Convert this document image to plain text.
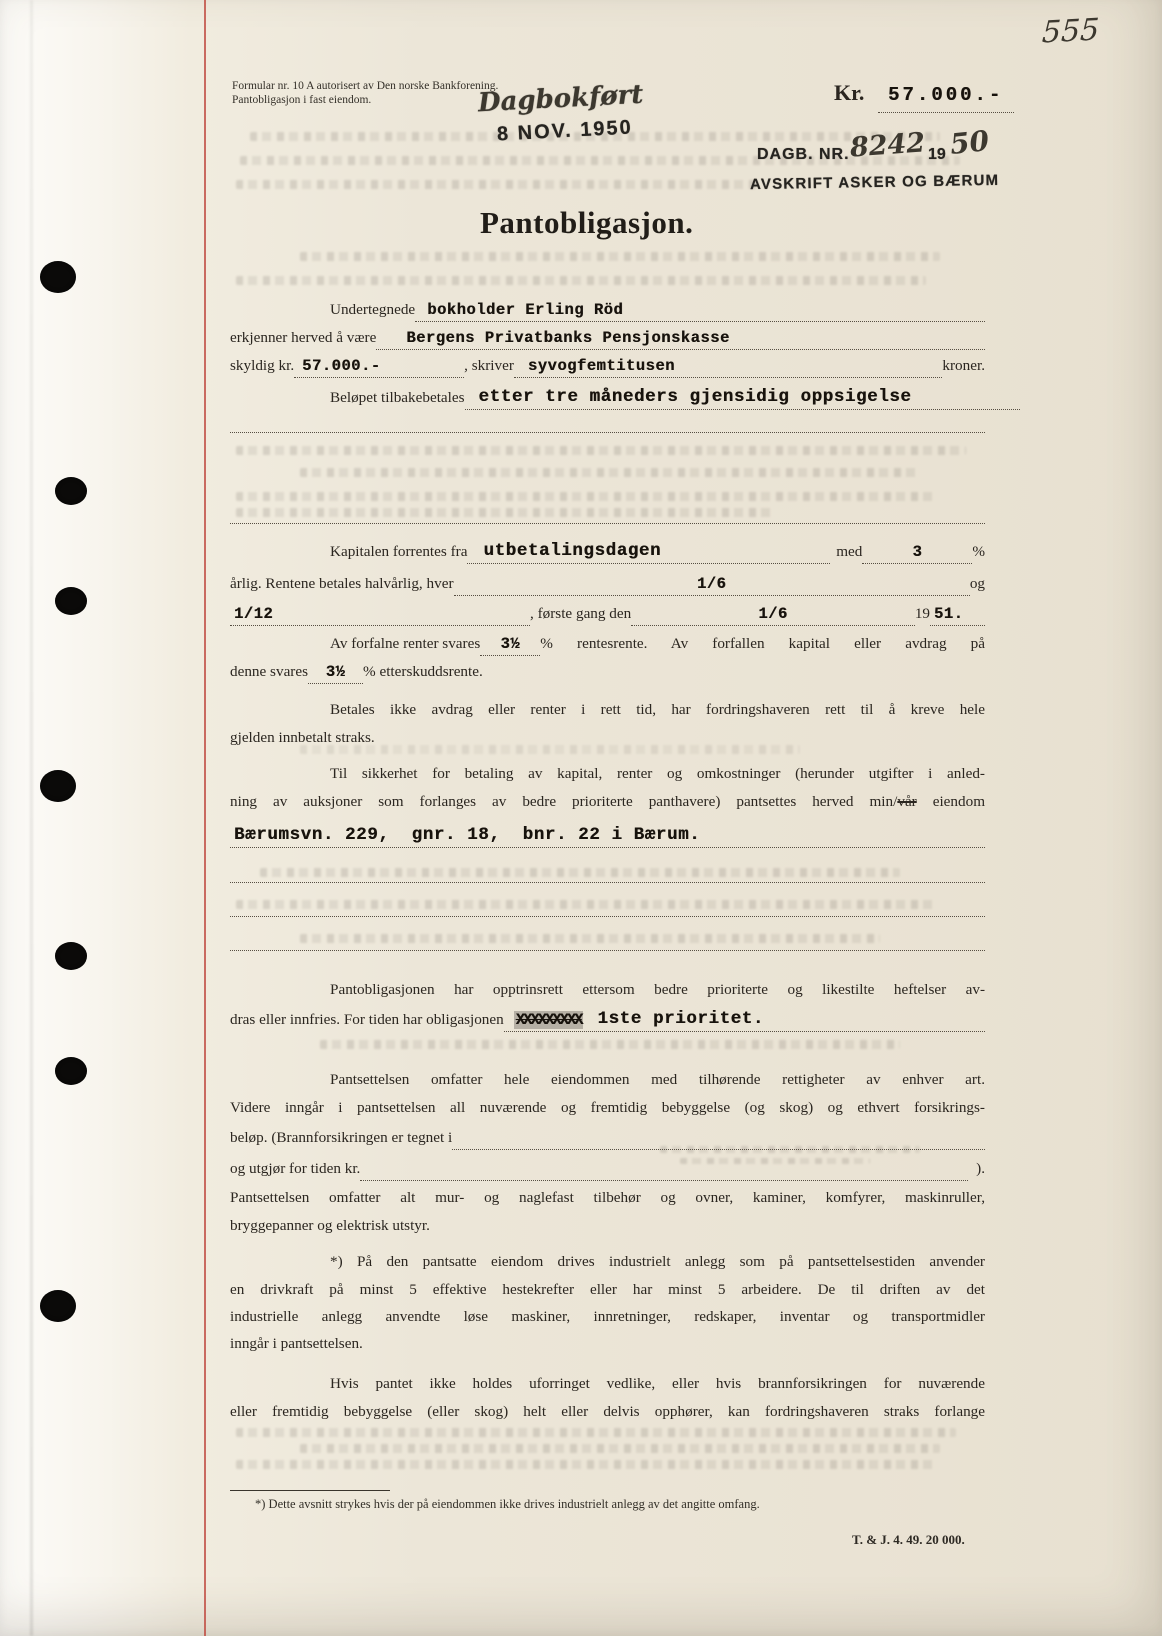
555
Formular nr. 10 A autorisert av Den norske Bankforening.
Pantobligasjon i fast eiendom.	Dagbokført
8 NOV. 1950
Kr. 57.000.-
DAGB. NR. 8242 19 50
AVSKRIFT ASKER OG BÆRUM
Pantobligasjon.
Undertegnede bokholder Erling Röd
erkjenner herved å være	Bergens Privatbanks Pensjonskasse
skyldig kr. 57.000.-	, skriver syvogfemtitusen	kroner.
Beløpet tilbakebetales etter tre måneders gjensidig oppsigelse
Kapitalen forrentes fra utbetalingsdagen	med	3	%
årlig. Rentene betales halvårlig, hver	1/6	og
1/12	, første gang den	1/6	19 51.
Av forfalne renter svares 3½ % rentesrente. Av forfallen kapital eller avdrag på
denne svares 3½ % etterskuddsrente.
Betales ikke avdrag eller renter i rett tid, har fordringshaveren rett til å kreve hele
gjelden innbetalt straks.
Til sikkerhet for betaling av kapital, renter og omkostninger (herunder utgifter i anled-
ning av auksjoner som forlanges av bedre prioriterte panthavere) pantsettes herved min/vår eiendom
Bærumsvn. 229,  gnr. 18,  bnr. 22 i Bærum.
Pantobligasjonen har opptrinsrett ettersom bedre prioriterte og likestilte heftelser av-
dras eller innfries. For tiden har obligasjonen XXXXXXXXX 1ste prioritet.
Pantsettelsen omfatter hele eiendommen med tilhørende rettigheter av enhver art.
Videre inngår i pantsettelsen all nuværende og fremtidig bebyggelse (og skog) og ethvert forsikrings-
beløp. (Brannforsikringen er tegnet i
og utgjør for tiden kr.	).
Pantsettelsen omfatter alt mur- og naglefast tilbehør og ovner, kaminer, komfyrer, maskinruller,
bryggepanner og elektrisk utstyr.
*) På den pantsatte eiendom drives industrielt anlegg som på pantsettelsestiden anvender
en drivkraft på minst 5 effektive hestekrefter eller har minst 5 arbeidere. De til driften av det
industrielle anlegg anvendte løse maskiner, innretninger, redskaper, inventar og transportmidler
inngår i pantsettelsen.
Hvis pantet ikke holdes uforringet vedlike, eller hvis brannforsikringen for nuværende
eller fremtidig bebyggelse (eller skog) helt eller delvis opphører, kan fordringshaveren straks forlange
*) Dette avsnitt strykes hvis der på eiendommen ikke drives industrielt anlegg av det angitte omfang.
T. & J. 4. 49. 20 000.
